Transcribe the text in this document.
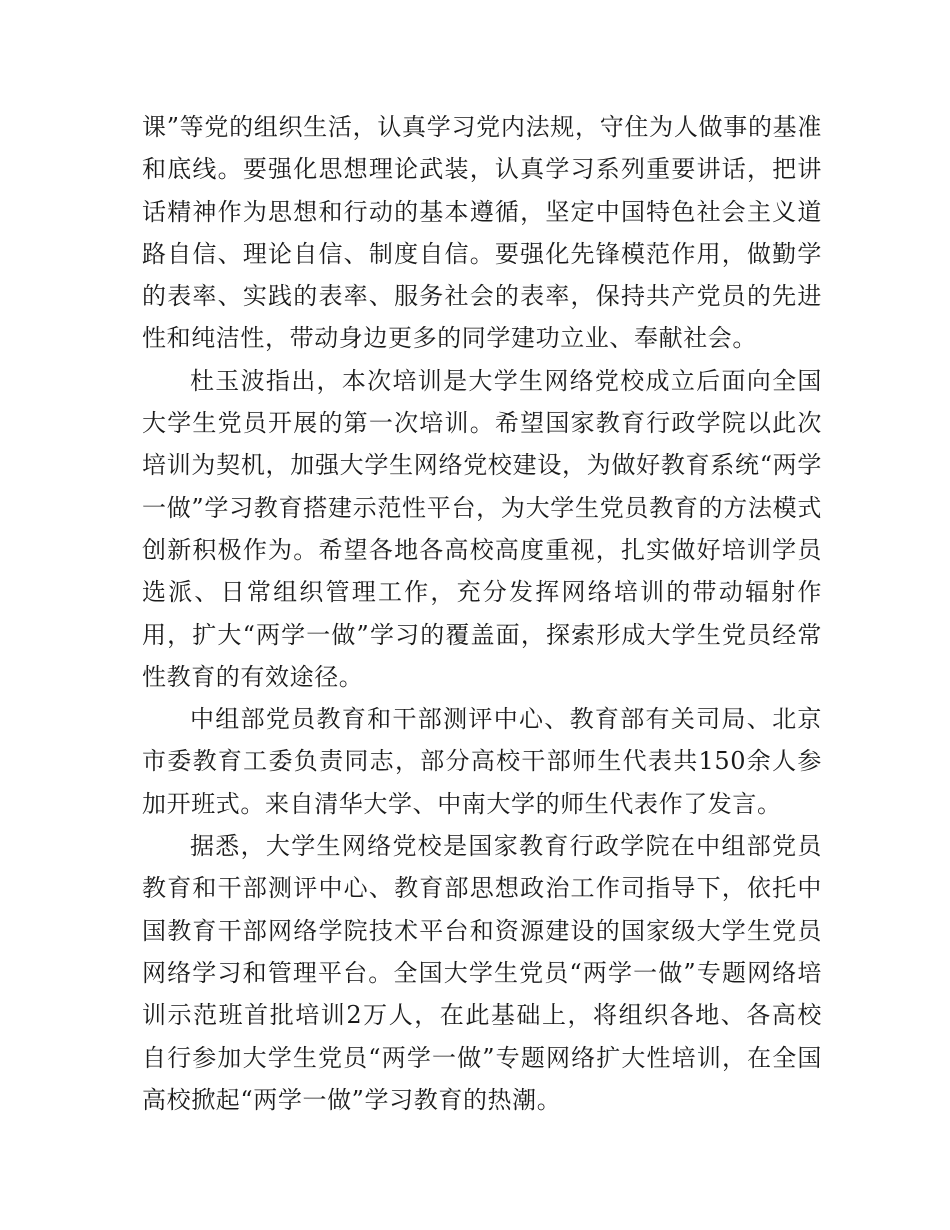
课”等党的组织生活，认真学习党内法规，守住为人做事的基准和底线。要强化思想理论武装，认真学习系列重要讲话，把讲话精神作为思想和行动的基本遵循，坚定中国特色社会主义道路自信、理论自信、制度自信。要强化先锋模范作用，做勤学的表率、实践的表率、服务社会的表率，保持共产党员的先进性和纯洁性，带动身边更多的同学建功立业、奉献社会。

杜玉波指出，本次培训是大学生网络党校成立后面向全国大学生党员开展的第一次培训。希望国家教育行政学院以此次培训为契机，加强大学生网络党校建设，为做好教育系统“两学一做”学习教育搭建示范性平台，为大学生党员教育的方法模式创新积极作为。希望各地各高校高度重视，扎实做好培训学员选派、日常组织管理工作，充分发挥网络培训的带动辐射作用，扩大“两学一做”学习的覆盖面，探索形成大学生党员经常性教育的有效途径。

中组部党员教育和干部测评中心、教育部有关司局、北京市委教育工委负责同志，部分高校干部师生代表共150余人参加开班式。来自清华大学、中南大学的师生代表作了发言。

据悉，大学生网络党校是国家教育行政学院在中组部党员教育和干部测评中心、教育部思想政治工作司指导下，依托中国教育干部网络学院技术平台和资源建设的国家级大学生党员网络学习和管理平台。全国大学生党员“两学一做”专题网络培训示范班首批培训2万人，在此基础上，将组织各地、各高校自行参加大学生党员“两学一做”专题网络扩大性培训，在全国高校掀起“两学一做”学习教育的热潮。
